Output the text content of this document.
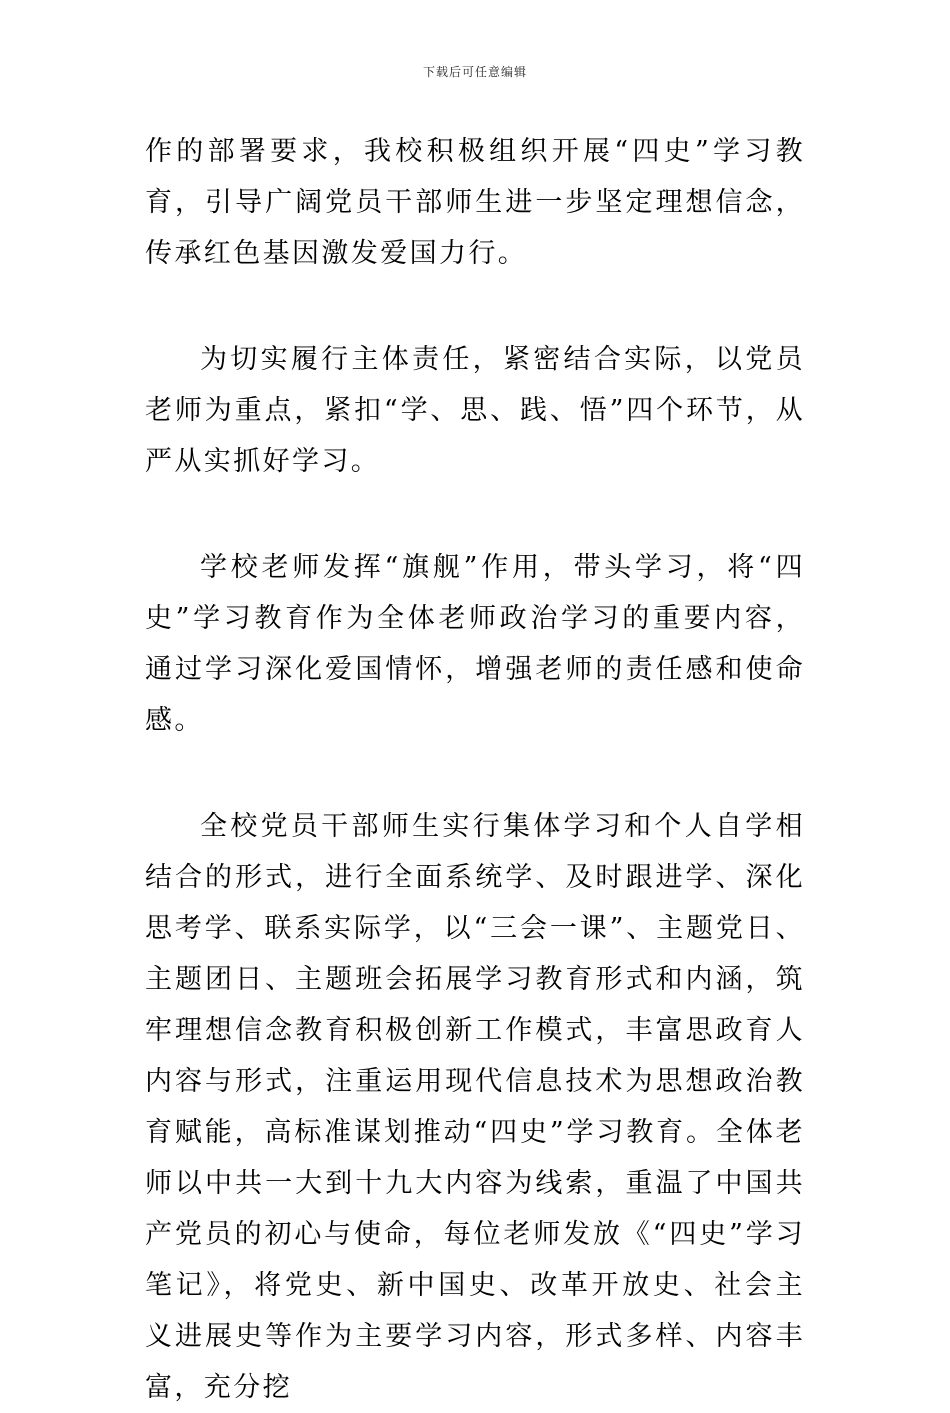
下载后可任意编辑

作的部署要求，我校积极组织开展“四史”学习教育，引导广阔党员干部师生进一步坚定理想信念，传承红色基因激发爱国力行。

为切实履行主体责任，紧密结合实际，以党员老师为重点，紧扣“学、思、践、悟”四个环节，从严从实抓好学习。

学校老师发挥“旗舰”作用，带头学习，将“四史”学习教育作为全体老师政治学习的重要内容，通过学习深化爱国情怀，增强老师的责任感和使命感。

全校党员干部师生实行集体学习和个人自学相结合的形式，进行全面系统学、及时跟进学、深化思考学、联系实际学，以“三会一课”、主题党日、主题团日、主题班会拓展学习教育形式和内涵，筑牢理想信念教育积极创新工作模式，丰富思政育人内容与形式，注重运用现代信息技术为思想政治教育赋能，高标准谋划推动“四史”学习教育。全体老师以中共一大到十九大内容为线索，重温了中国共产党员的初心与使命，每位老师发放《“四史”学习笔记》，将党史、新中国史、改革开放史、社会主义进展史等作为主要学习内容，形式多样、内容丰富，充分挖
